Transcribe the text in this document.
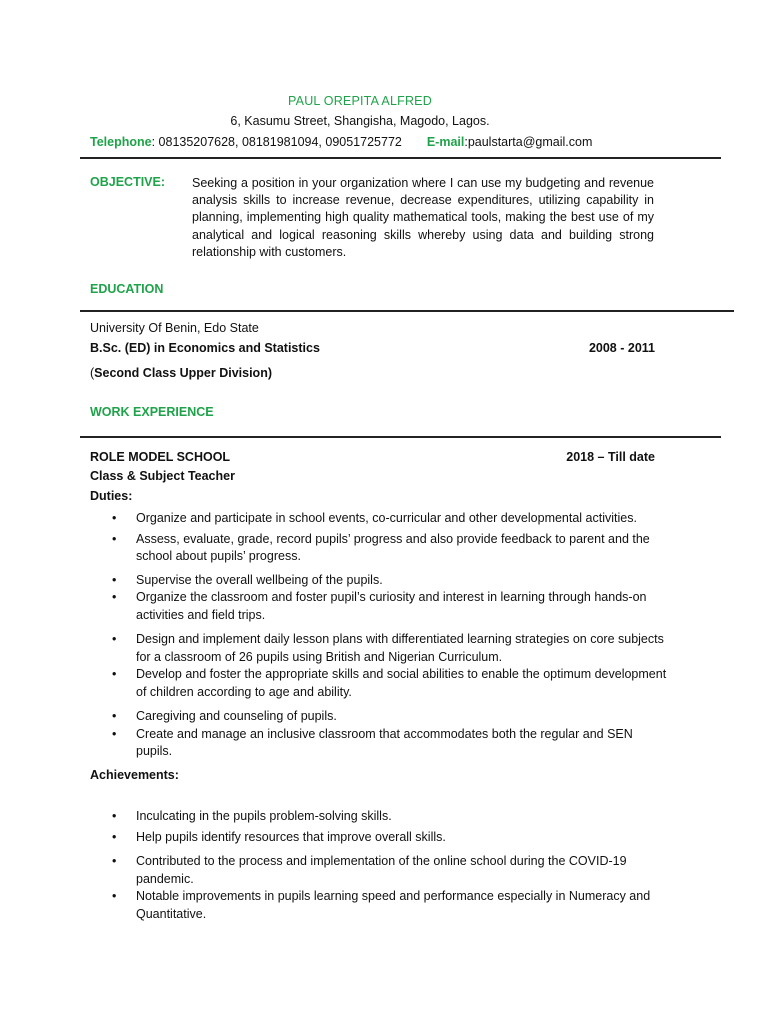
PAUL OREPITA ALFRED
6, Kasumu Street, Shangisha, Magodo, Lagos.
Telephone: 08135207628, 08181981094, 09051725772 E-mail:paulstarta@gmail.com
OBJECTIVE: Seeking a position in your organization where I can use my budgeting and revenue analysis skills to increase revenue, decrease expenditures, utilizing capability in planning, implementing high quality mathematical tools, making the best use of my analytical and logical reasoning skills whereby using data and building strong relationship with customers.
EDUCATION
University Of Benin, Edo State
B.Sc. (ED) in Economics and Statistics	2008 - 2011
(Second Class Upper Division)
WORK EXPERIENCE
ROLE MODEL SCHOOL	2018 – Till date
Class & Subject Teacher
Duties:
• Organize and participate in school events, co-curricular and other developmental activities.
• Assess, evaluate, grade, record pupils’ progress and also provide feedback to parent and the school about pupils’ progress.
• Supervise the overall wellbeing of the pupils.
• Organize the classroom and foster pupil’s curiosity and interest in learning through hands-on activities and field trips.
• Design and implement daily lesson plans with differentiated learning strategies on core subjects for a classroom of 26 pupils using British and Nigerian Curriculum.
• Develop and foster the appropriate skills and social abilities to enable the optimum development of children according to age and ability.
• Caregiving and counseling of pupils.
• Create and manage an inclusive classroom that accommodates both the regular and SEN pupils.
Achievements:
• Inculcating in the pupils problem-solving skills.
• Help pupils identify resources that improve overall skills.
• Contributed to the process and implementation of the online school during the COVID-19 pandemic.
• Notable improvements in pupils learning speed and performance especially in Numeracy and Quantitative.
